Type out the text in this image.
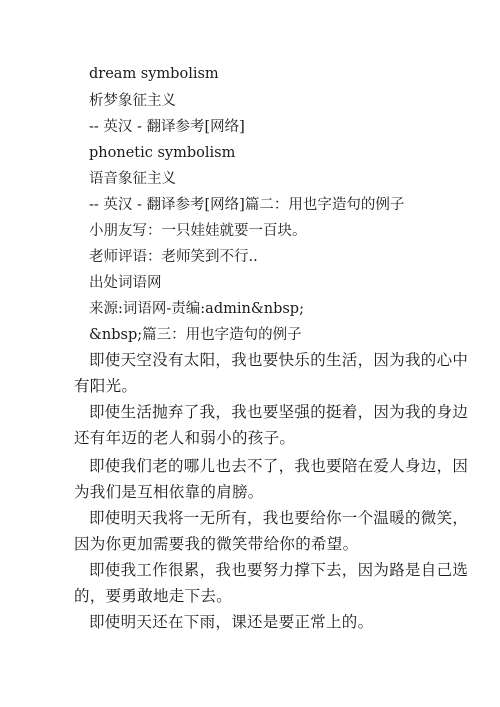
dream symbolism
析梦象征主义
-- 英汉 - 翻译参考[网络]
phonetic symbolism
语音象征主义
-- 英汉 - 翻译参考[网络]篇二：用也字造句的例子
小朋友写：一只娃娃就要一百块。
老师评语：老师笑到不行..
出处词语网
来源:词语网-责编:admin&nbsp;
&nbsp;篇三：用也字造句的例子
即使天空没有太阳，我也要快乐的生活，因为我的心中
有阳光。
即使生活抛弃了我，我也要坚强的挺着，因为我的身边
还有年迈的老人和弱小的孩子。
即使我们老的哪儿也去不了，我也要陪在爱人身边，因
为我们是互相依靠的肩膀。
即使明天我将一无所有，我也要给你一个温暖的微笑，
因为你更加需要我的微笑带给你的希望。
即使我工作很累，我也要努力撑下去，因为路是自己选
的，要勇敢地走下去。
即使明天还在下雨，课还是要正常上的。
